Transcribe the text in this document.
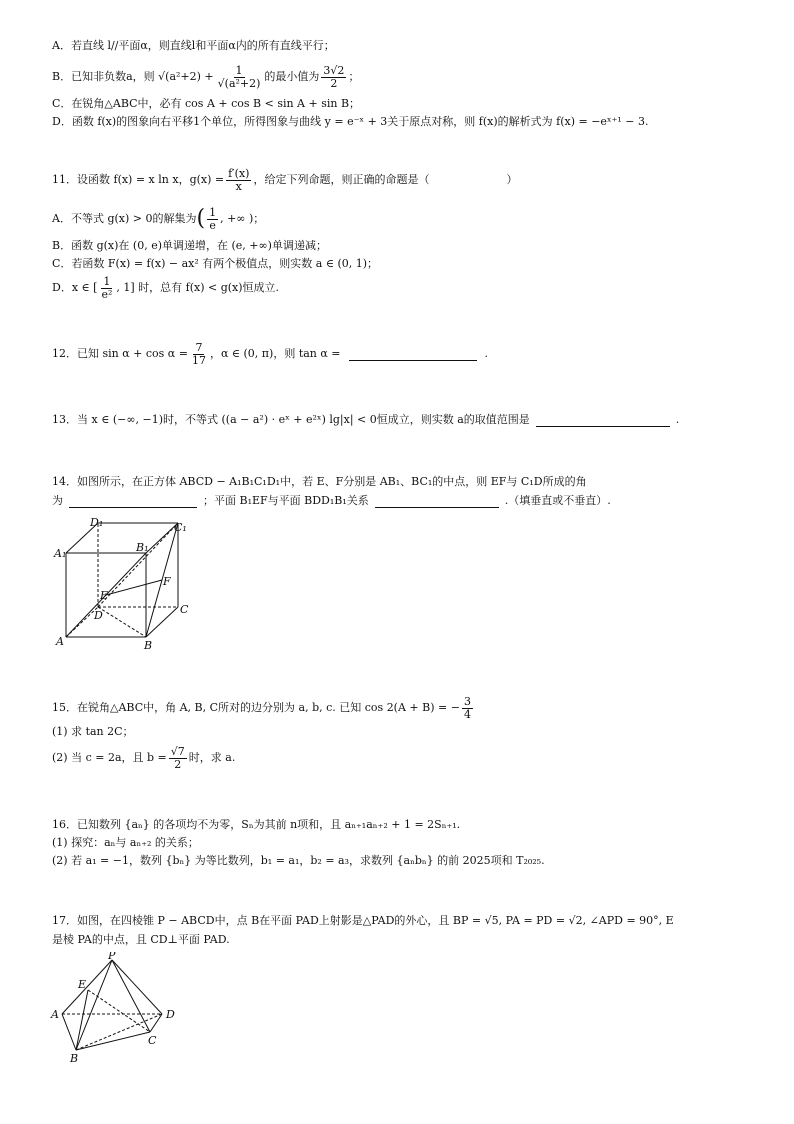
A．若直线 l//平面α，则直线l和平面α内的所有直线平行；
B．已知非负数a，则 $√(a^2+2) + \frac{1}{\text{√(a²+2)}}$ 的最小值为 $\frac{3√2}{2}$ ；
C．在锐角△ABC中，必有 cos A + cos B < sin A + sin B；
D．函数 f(x)的图象向右平移1个单位，所得图象与曲线 y = e⁻ˣ + 3关于原点对称，则 f(x)的解析式为 f(x) = −eˣ⁺¹ − 3.
11．设函数 f(x) = x ln x，$g(x) = \frac{f'(x)}{x}$ ，给定下列命题，则正确的命题是（　　　　　　　）
A．不等式 g(x) > 0的解集为 ( $\frac{1}{e}$ , +∞ )；
B．函数 g(x)在 (0, e)单调递增，在 (e, +∞)单调递减；
C．若函数 F(x) = f(x) − ax² 有两个极值点，则实数 a ∈ (0, 1)；
D．x ∈ [ $\frac{1}{\text{e²}}$ , 1] 时，总有 f(x) < g(x)恒成立.
12．已知 $\sin \alpha + \cos \alpha = \frac{7}{17}$ ，α ∈ (0, π)，则 tan α =	.
13．当 x ∈ (−∞, −1)时，不等式 ((a − a²) · eˣ + e²ˣ) lg|x| < 0恒成立，则实数 a的取值范围是	.
14．如图所示，在正方体 ABCD − A₁B₁C₁D₁中，若 E、F分别是 AB₁、BC₁的中点，则 EF与 C₁D所成的角
为	；平面 B₁EF与平面 BDD₁B₁关系	.（填垂直或不垂直）.
D₁	C₁
A₁	B₁
E
F
D	C
A	B
15．在锐角△ABC中，角 A, B, C所对的边分别为 a, b, c. 已知 cos 2(A + B) = − $\frac{3}{4}$
(1) 求 tan 2C；
(2) 当 c = 2a，且 $b = \frac{√7}{2}$ 时，求 a.
16．已知数列 {aₙ} 的各项均不为零，Sₙ为其前 n项和，且 aₙ₊₁aₙ₊₂ + 1 = 2Sₙ₊₁.
(1) 探究：aₙ与 aₙ₊₂ 的关系；
(2) 若 a₁ = −1，数列 {bₙ} 为等比数列，b₁ = a₁，b₂ = a₃，求数列 {aₙbₙ} 的前 2025项和 T₂₀₂₅.
17．如图，在四棱锥 P − ABCD中，点 B在平面 PAD上射影是△PAD的外心，且 BP = √5, PA = PD = √2, ∠APD = 90°, E
是棱 PA的中点，且 CD⊥平面 PAD.
P
E
A	D
C
B
